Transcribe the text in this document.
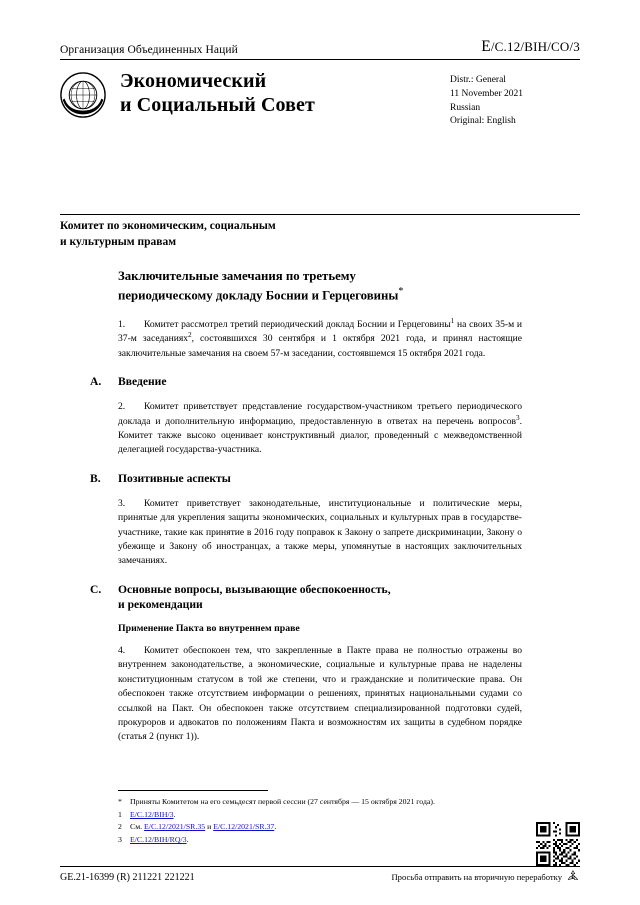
Организация Объединенных Наций	E/C.12/BIH/CO/3
Экономический
и Социальный Совет
Distr.: General
11 November 2021
Russian
Original: English
Комитет по экономическим, социальным
и культурным правам
Заключительные замечания по третьему
периодическому докладу Боснии и Герцеговины*

1. Комитет рассмотрел третий периодический доклад Боснии и Герцеговины$^1$ на своих 35-м и 37-м заседаниях$^2$, состоявшихся 30 сентября и 1 октября 2021 года, и принял настоящие заключительные замечания на своем 57-м заседании, состоявшемся 15 октября 2021 года.

A.	Введение

2. Комитет приветствует представление государством-участником третьего периодического доклада и дополнительную информацию, предоставленную в ответах на перечень вопросов$^3$. Комитет также высоко оценивает конструктивный диалог, проведенный с межведомственной делегацией государства-участника.

B.	Позитивные аспекты

3. Комитет приветствует законодательные, институциональные и политические меры, принятые для укрепления защиты экономических, социальных и культурных прав в государстве-участнике, такие как принятие в 2016 году поправок к Закону о запрете дискриминации, Закону о убежище и Закону об иностранцах, а также меры, упомянутые в настоящих заключительных замечаниях.

C.	Основные вопросы, вызывающие обеспокоенность,
и рекомендации
Применение Пакта во внутреннем праве

4. Комитет обеспокоен тем, что закрепленные в Пакте права не полностью отражены во внутреннем законодательстве, а экономические, социальные и культурные права не наделены конституционным статусом в той же степени, что и гражданские и политические права. Он обеспокоен также отсутствием информации о решениях, принятых национальными судами со ссылкой на Пакт. Он обеспокоен также отсутствием специализированной подготовки судей, прокуроров и адвокатов по положениям Пакта и возможностям их защиты в судебном порядке (статья 2 (пункт 1)).

* Приняты Комитетом на его семьдесят первой сессии (27 сентября — 15 октября 2021 года).
1 E/C.12/BIH/3.
2 См. E/C.12/2021/SR.35 и E/C.12/2021/SR.37.
3 E/C.12/BIH/RQ/3.
GE.21-16399 (R) 211221 221221	Просьба отправить на вторичную переработку
